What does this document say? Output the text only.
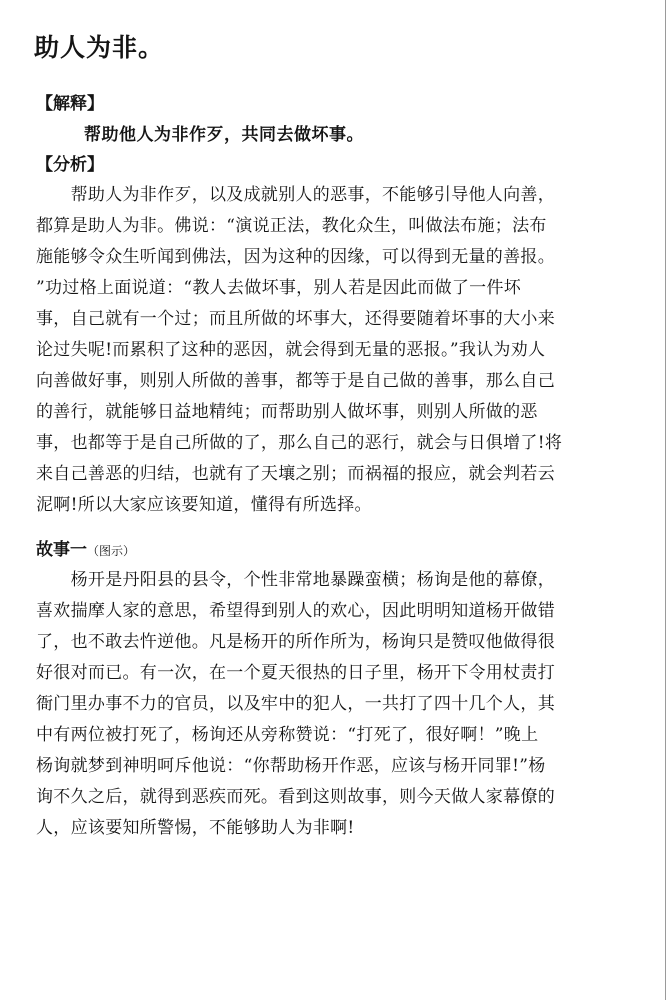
助人为非。
【解释】
帮助他人为非作歹，共同去做坏事。
【分析】
　　帮助人为非作歹，以及成就别人的恶事，不能够引导他人向善，
都算是助人为非。佛说：“演说正法，教化众生，叫做法布施；法布
施能够令众生听闻到佛法，因为这种的因缘，可以得到无量的善报。
”功过格上面说道：“教人去做坏事，别人若是因此而做了一件坏
事，自己就有一个过；而且所做的坏事大，还得要随着坏事的大小来
论过失呢!而累积了这种的恶因，就会得到无量的恶报。”我认为劝人
向善做好事，则别人所做的善事，都等于是自己做的善事，那么自己
的善行，就能够日益地精纯；而帮助别人做坏事，则别人所做的恶
事，也都等于是自己所做的了，那么自己的恶行，就会与日俱增了!将
来自己善恶的归结，也就有了天壤之别；而祸福的报应，就会判若云
泥啊!所以大家应该要知道，懂得有所选择。
故事一（图示）
　　杨开是丹阳县的县令，个性非常地暴躁蛮横；杨询是他的幕僚，
喜欢揣摩人家的意思，希望得到别人的欢心，因此明明知道杨开做错
了，也不敢去忤逆他。凡是杨开的所作所为，杨询只是赞叹他做得很
好很对而已。有一次，在一个夏天很热的日子里，杨开下令用杖责打
衙门里办事不力的官员，以及牢中的犯人，一共打了四十几个人，其
中有两位被打死了，杨询还从旁称赞说：“打死了，很好啊！”晚上
杨询就梦到神明呵斥他说：“你帮助杨开作恶，应该与杨开同罪!”杨
询不久之后，就得到恶疾而死。看到这则故事，则今天做人家幕僚的
人，应该要知所警惕，不能够助人为非啊!
